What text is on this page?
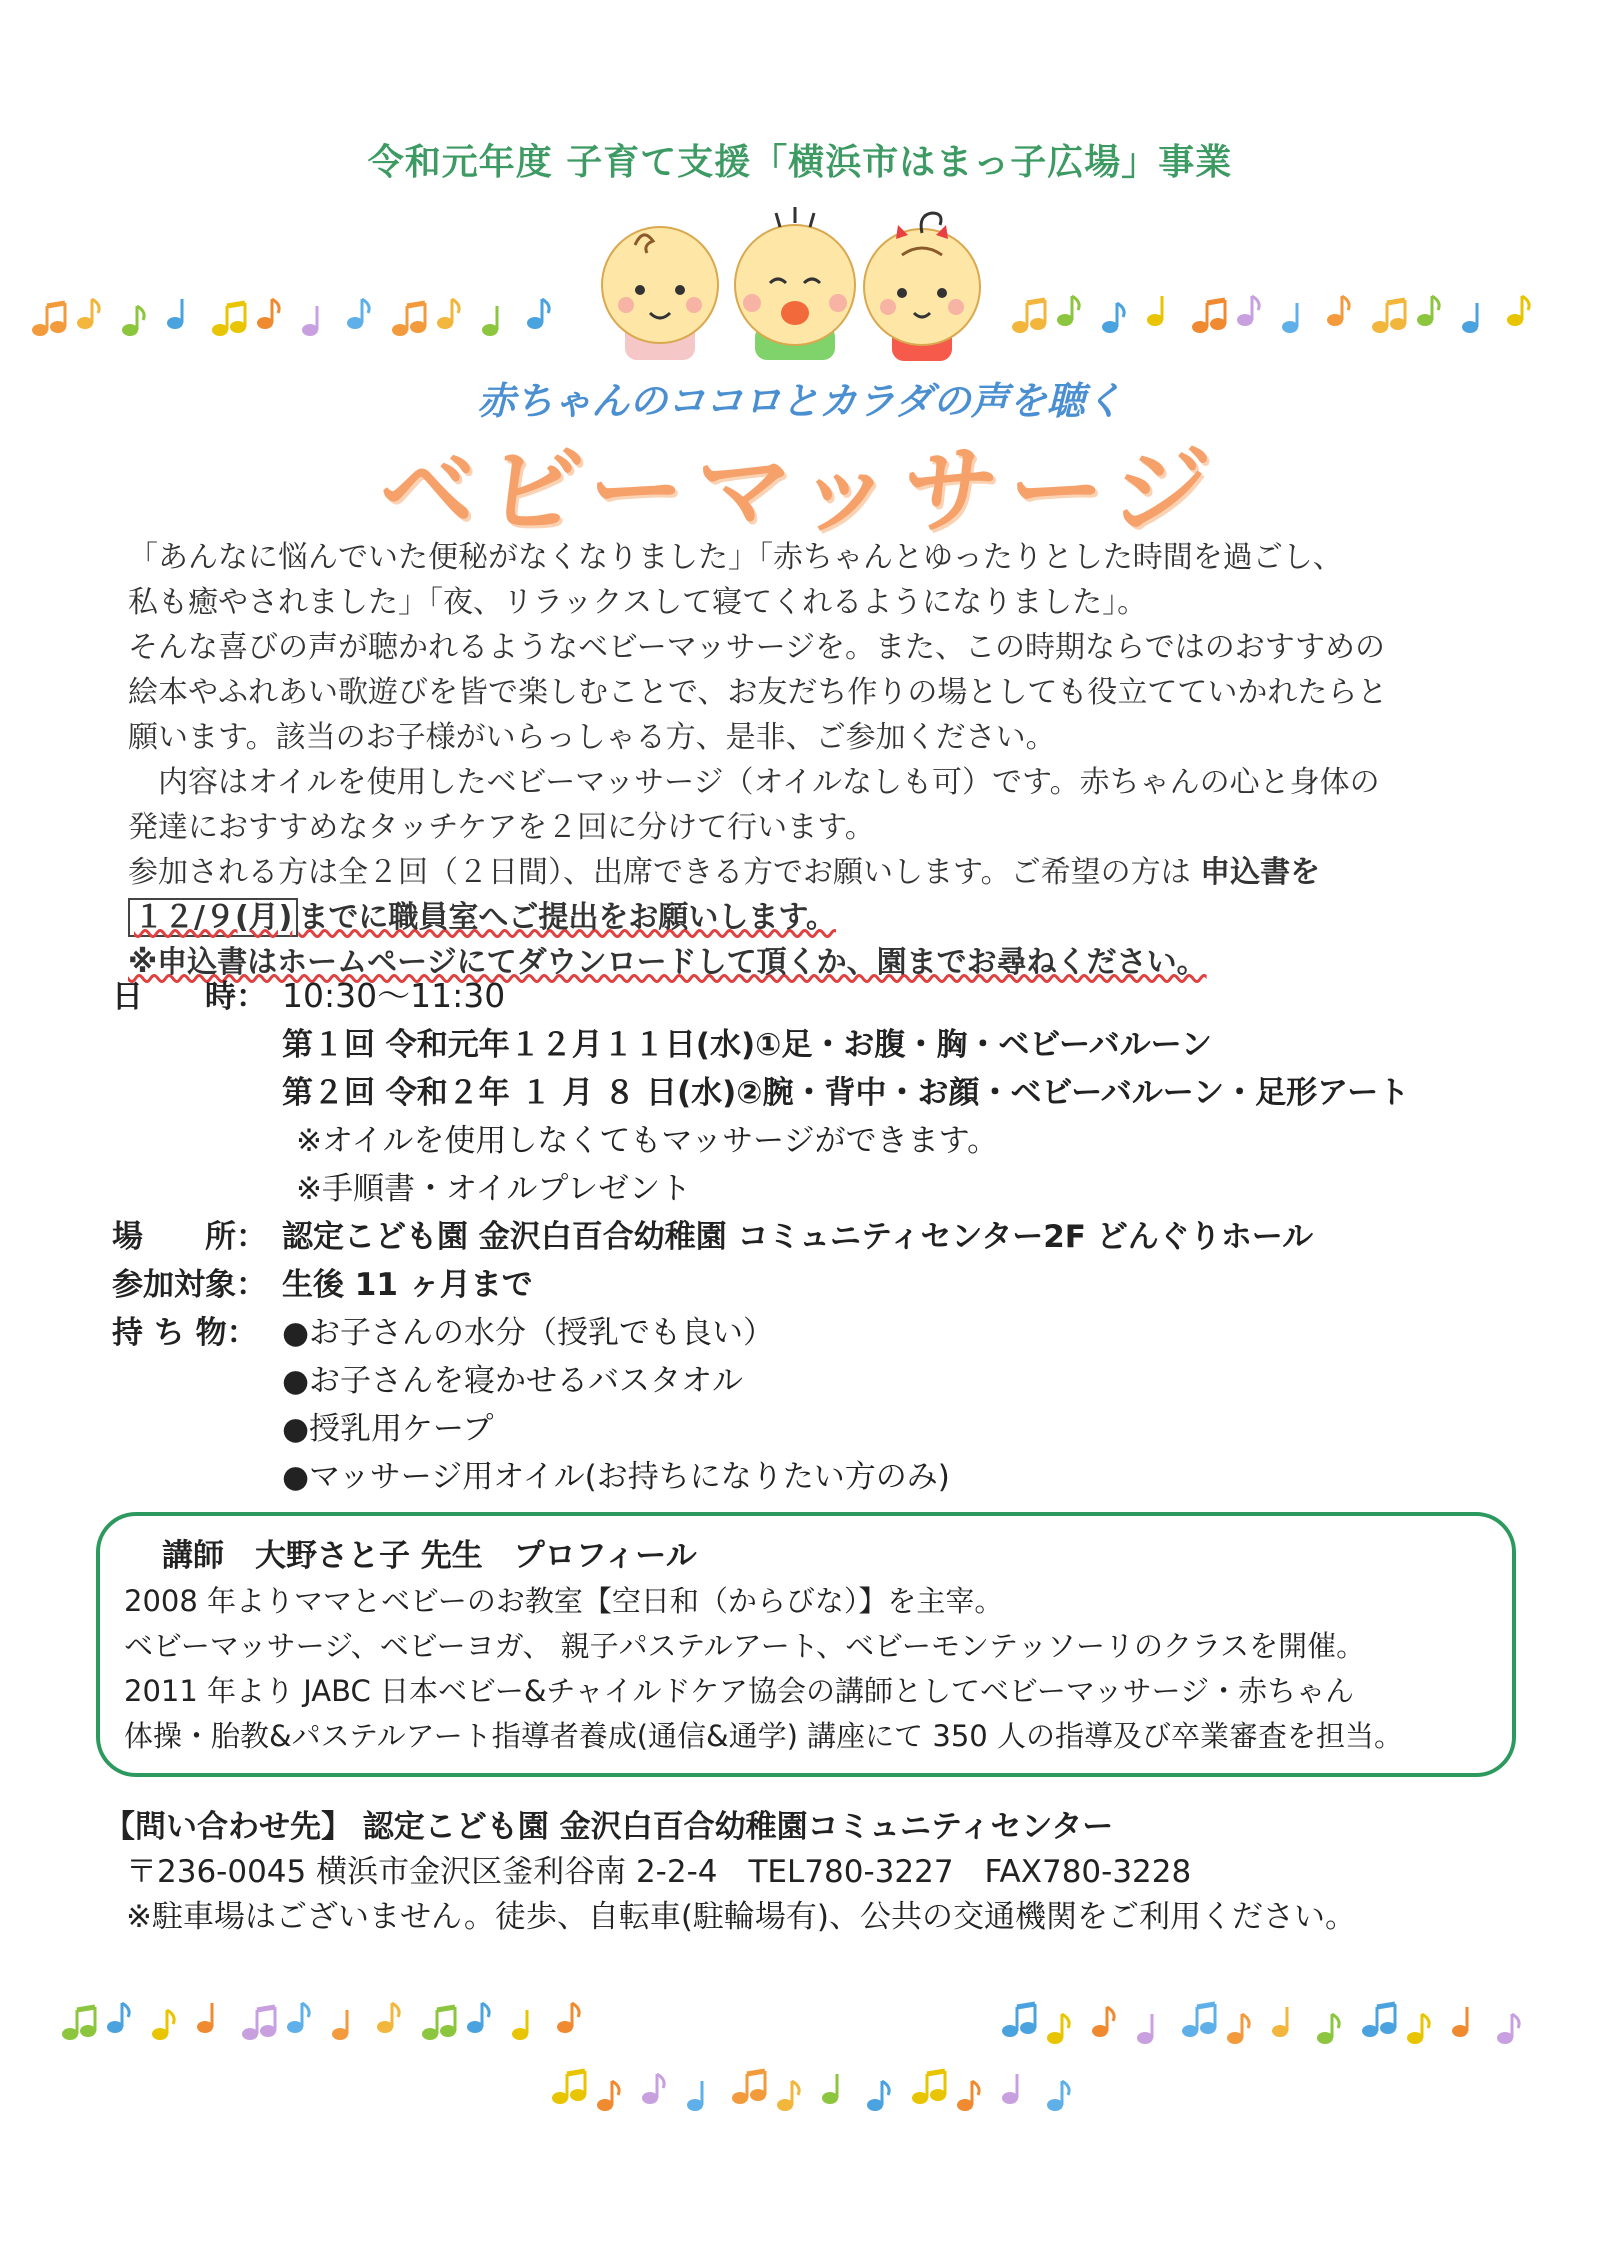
令和元年度 子育て支援「横浜市はまっ子広場」事業
赤ちゃんのココロとカラダの声を聴く
ベビーマッサージ

「あんなに悩んでいた便秘がなくなりました」「赤ちゃんとゆったりとした時間を過ごし、

私も癒やされました」「夜、リラックスして寝てくれるようになりました」。

そんな喜びの声が聴かれるようなベビーマッサージを。また、この時期ならではのおすすめの

絵本やふれあい歌遊びを皆で楽しむことで、お友だち作りの場としても役立てていかれたらと

願います。該当のお子様がいらっしゃる方、是非、ご参加ください。

　内容はオイルを使用したベビーマッサージ（オイルなしも可）です。赤ちゃんの心と身体の

発達におすすめなタッチケアを２回に分けて行います。

参加される方は全２回（２日間）、出席できる方でお願いします。ご希望の方は 申込書を

１２/９(月) までに職員室へご提出をお願いします。

※申込書はホームページにてダウンロードして頂くか、園までお尋ねください。

日　　時： 10:30〜11:30
第１回 令和元年１２月１１日(水)①足・お腹・胸・ベビーバルーン
第２回 令和２年 １ 月 ８ 日(水)②腕・背中・お顔・ベビーバルーン・足形アート
※オイルを使用しなくてもマッサージができます。
※手順書・オイルプレゼント
場　　所： 認定こども園 金沢白百合幼稚園 コミュニティセンター2F どんぐりホール
参加対象： 生後 11 ヶ月まで
持 ち 物： ●お子さんの水分（授乳でも良い）
●お子さんを寝かせるバスタオル
●授乳用ケープ
●マッサージ用オイル(お持ちになりたい方のみ)
講師　大野さと子 先生　プロフィール
2008 年よりママとベビーのお教室【空日和（からびな）】を主宰。
ベビーマッサージ、ベビーヨガ、 親子パステルアート、ベビーモンテッソーリのクラスを開催。
2011 年より JABC 日本ベビー&チャイルドケア協会の講師としてベビーマッサージ・赤ちゃん
体操・胎教&パステルアート指導者養成(通信&通学) 講座にて 350 人の指導及び卒業審査を担当。
【問い合わせ先】 認定こども園 金沢白百合幼稚園コミュニティセンター
〒236-0045 横浜市金沢区釜利谷南 2-2-4　TEL780-3227　FAX780-3228
※駐車場はございません。徒歩、自転車(駐輪場有)、公共の交通機関をご利用ください。
